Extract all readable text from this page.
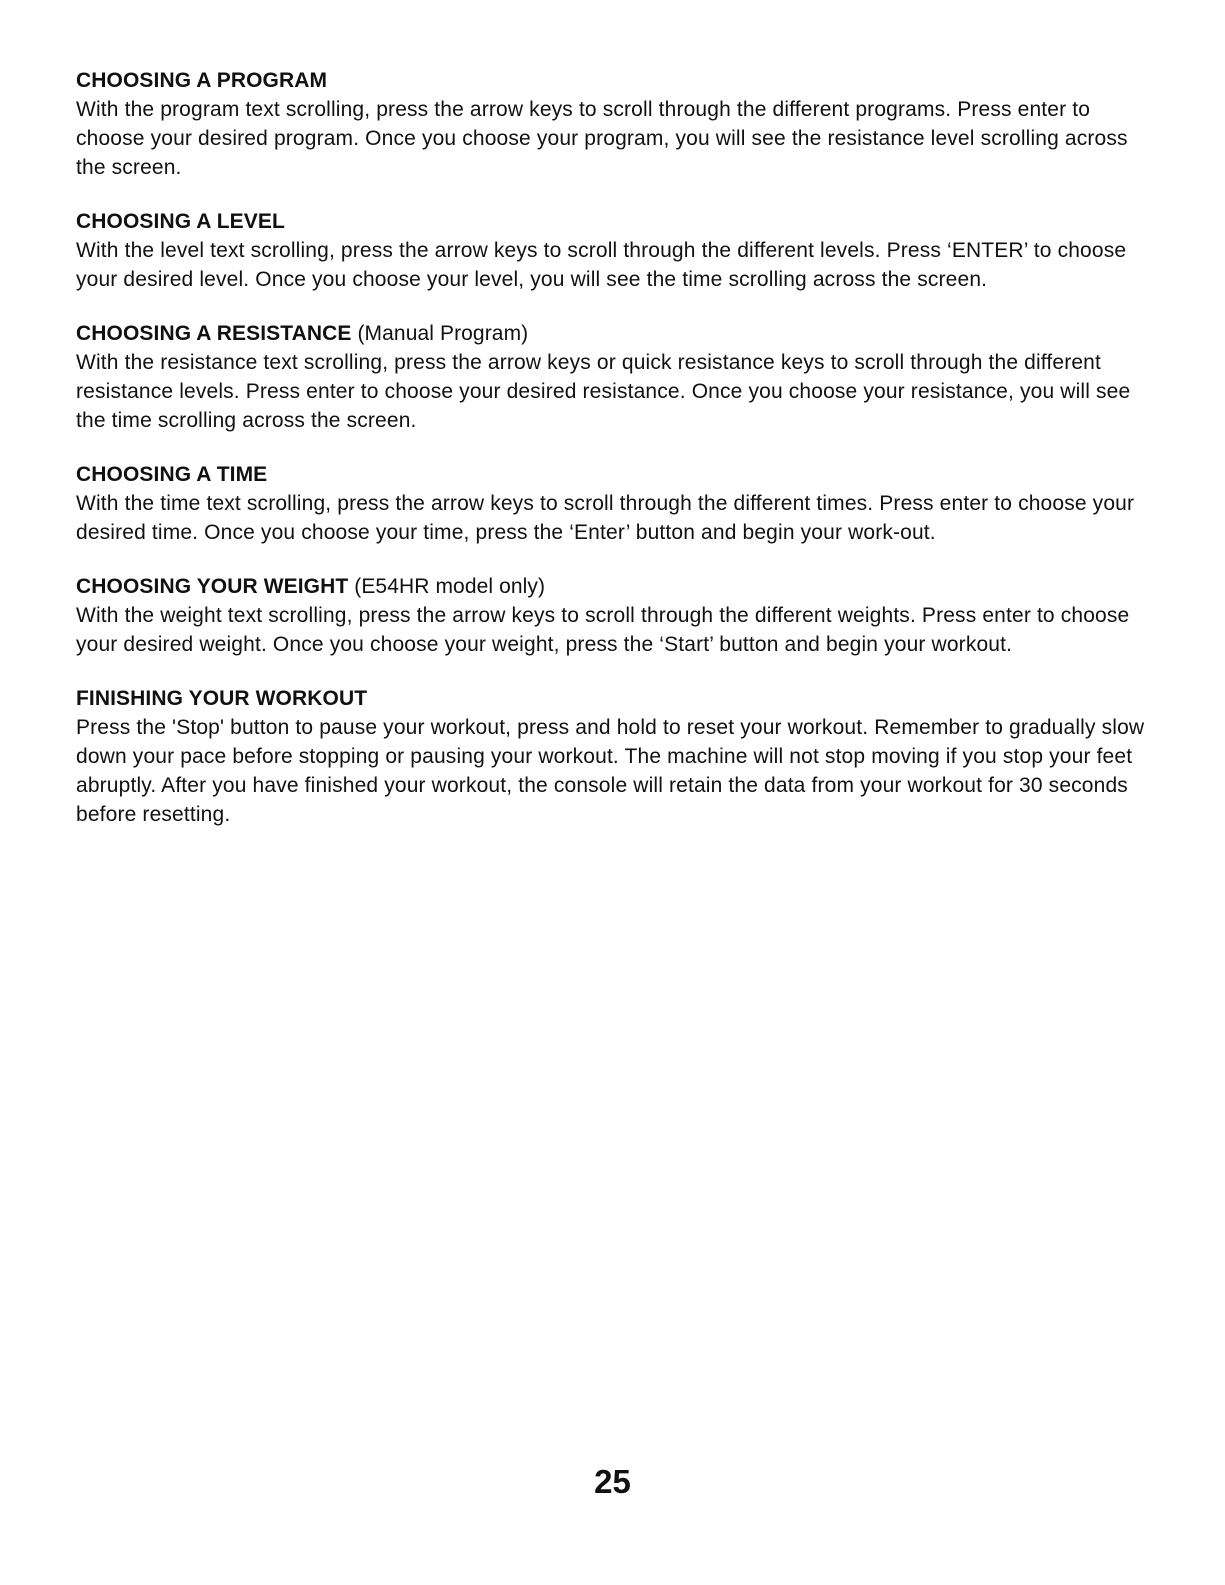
CHOOSING A PROGRAM

With the program text scrolling, press the arrow keys to scroll through the different programs. Press enter to choose your desired program. Once you choose your program, you will see the resistance level scrolling across the screen.

CHOOSING A LEVEL

With the level text scrolling, press the arrow keys to scroll through the different levels. Press ‘ENTER’ to choose your desired level. Once you choose your level, you will see the time scrolling across the screen.

CHOOSING A RESISTANCE (Manual Program)

With the resistance text scrolling, press the arrow keys or quick resistance keys to scroll through the different resistance levels. Press enter to choose your desired resistance. Once you choose your resistance, you will see the time scrolling across the screen.

CHOOSING A TIME

With the time text scrolling, press the arrow keys to scroll through the different times. Press enter to choose your desired time. Once you choose your time, press the ‘Enter’ button and begin your work-out.

CHOOSING YOUR WEIGHT (E54HR model only)

With the weight text scrolling, press the arrow keys to scroll through the different weights. Press enter to choose your desired weight. Once you choose your weight, press the ‘Start’ button and begin your workout.

FINISHING YOUR WORKOUT

Press the 'Stop' button to pause your workout, press and hold to reset your workout. Remember to gradually slow down your pace before stopping or pausing your workout. The machine will not stop moving if you stop your feet abruptly. After you have finished your workout, the console will retain the data from your workout for 30 seconds before resetting.

25
